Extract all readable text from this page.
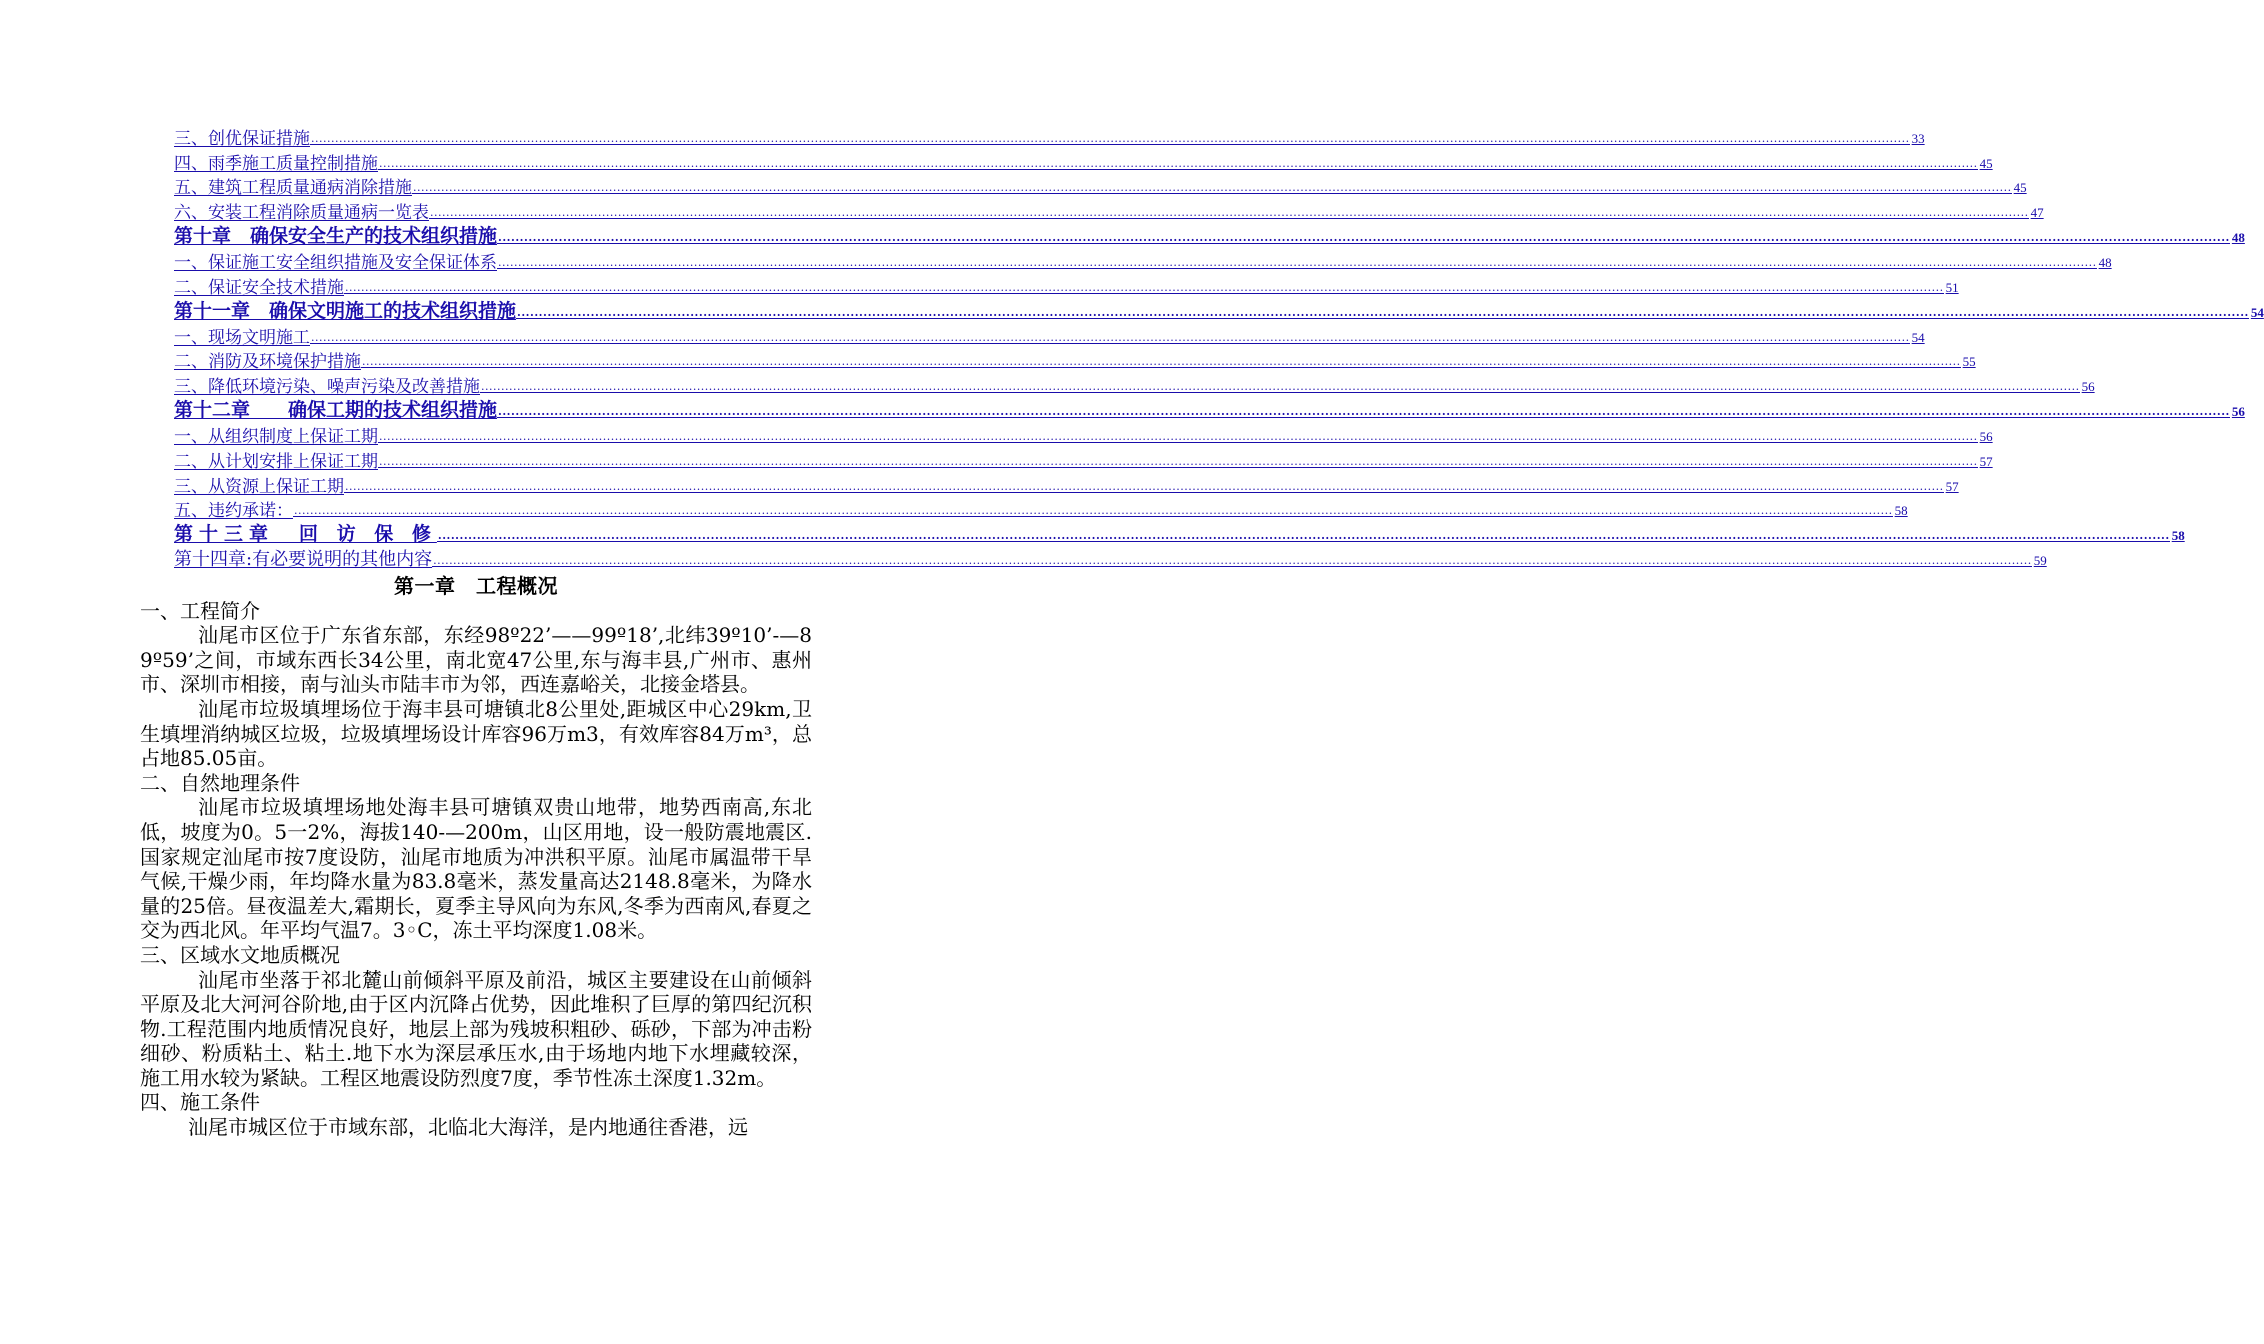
三、创优保证措施 ................................................................................................................................................................................................................................................................................................................................................................................................................ 33
四、雨季施工质量控制措施 ................................................................................................................................................................................................................................................................................................................................................................................................................ 45
五、建筑工程质量通病消除措施 ................................................................................................................................................................................................................................................................................................................................................................................................................ 45
六、安装工程消除质量通病一览表 ................................................................................................................................................................................................................................................................................................................................................................................................................ 47
第十章　确保安全生产的技术组织措施 ................................................................................................................................................................................................................................................................................................................................................................................................................ 48
一、保证施工安全组织措施及安全保证体系 ................................................................................................................................................................................................................................................................................................................................................................................................................ 48
二、保证安全技术措施 ................................................................................................................................................................................................................................................................................................................................................................................................................ 51
第十一章　确保文明施工的技术组织措施 ................................................................................................................................................................................................................................................................................................................................................................................................................ 54
一、现场文明施工 ................................................................................................................................................................................................................................................................................................................................................................................................................ 54
二、消防及环境保护措施 ................................................................................................................................................................................................................................................................................................................................................................................................................ 55
三、降低环境污染、噪声污染及改善措施 ................................................................................................................................................................................................................................................................................................................................................................................................................ 56
第十二章　　确保工期的技术组织措施 ................................................................................................................................................................................................................................................................................................................................................................................................................ 56
一、从组织制度上保证工期 ................................................................................................................................................................................................................................................................................................................................................................................................................ 56
二、从计划安排上保证工期 ................................................................................................................................................................................................................................................................................................................................................................................................................ 57
三、从资源上保证工期 ................................................................................................................................................................................................................................................................................................................................................................................................................ 57
五、违约承诺： ................................................................................................................................................................................................................................................................................................................................................................................................................ 58
第十三章　回 访 保 修 ................................................................................................................................................................................................................................................................................................................................................................................................................ 58
第十四章:有必要说明的其他内容 ................................................................................................................................................................................................................................................................................................................................................................................................................ 59
第一章　工程概况
一、工程简介

汕尾市区位于广东省东部，东经98º22’——99º18’,北纬39º10’-—89º59’之间，市域东西长34公里，南北宽47公里,东与海丰县,广州市、惠州市、深圳市相接，南与汕头市陆丰市为邻，西连嘉峪关，北接金塔县。

汕尾市垃圾填埋场位于海丰县可塘镇北8公里处,距城区中心29km,卫生填埋消纳城区垃圾，垃圾填埋场设计库容96万m3，有效库容84万m³，总占地85.05亩。

二、自然地理条件

汕尾市垃圾填埋场地处海丰县可塘镇双贵山地带，地势西南高,东北低，坡度为0。5一2%，海拔140-—200m，山区用地，设一般防震地震区.国家规定汕尾市按7度设防，汕尾市地质为冲洪积平原。汕尾市属温带干旱气候,干燥少雨，年均降水量为83.8毫米，蒸发量高达2148.8毫米，为降水量的25倍。昼夜温差大,霜期长，夏季主导风向为东风,冬季为西南风,春夏之交为西北风。年平均气温7。3◦C，冻土平均深度1.08米。

三、区域水文地质概况

汕尾市坐落于祁北麓山前倾斜平原及前沿，城区主要建设在山前倾斜平原及北大河河谷阶地,由于区内沉降占优势，因此堆积了巨厚的第四纪沉积物.工程范围内地质情况良好，地层上部为残坡积粗砂、砾砂，下部为冲击粉细砂、粉质粘土、粘土.地下水为深层承压水,由于场地内地下水埋藏较深，施工用水较为紧缺。工程区地震设防烈度7度，季节性冻土深度1.32m。

四、施工条件

汕尾市城区位于市域东部，北临北大海洋，是内地通往香港，远
